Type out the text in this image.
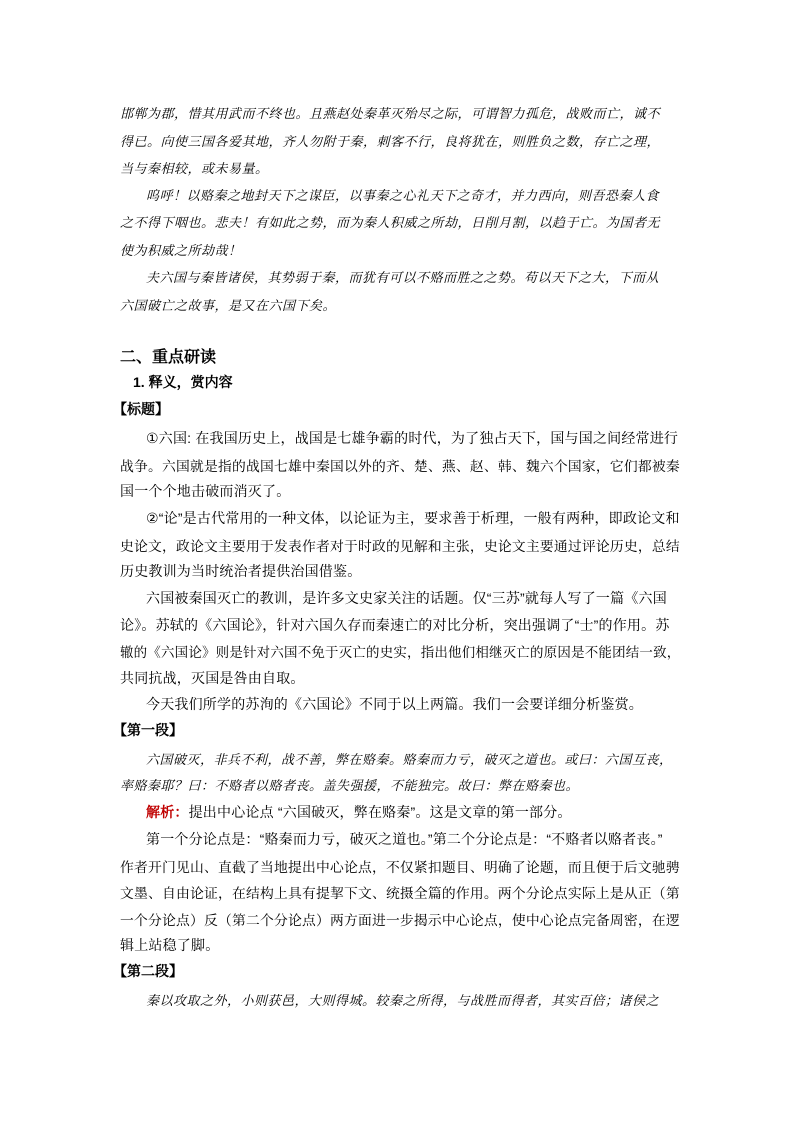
邯郸为郡，惜其用武而不终也。且燕赵处秦革灭殆尽之际，可谓智力孤危，战败而亡，诚不
得已。向使三国各爱其地，齐人勿附于秦，刺客不行，良将犹在，则胜负之数，存亡之理，
当与秦相较，或未易量。
呜呼！以赂秦之地封天下之谋臣，以事秦之心礼天下之奇才，并力西向，则吾恐秦人食
之不得下咽也。悲夫！有如此之势，而为秦人积威之所劫，日削月割，以趋于亡。为国者无
使为积威之所劫哉！
夫六国与秦皆诸侯，其势弱于秦，而犹有可以不赂而胜之之势。苟以天下之大，下而从
六国破亡之故事，是又在六国下矣。
二、重点研读
1. 释义，赏内容
【标题】
①六国: 在我国历史上，战国是七雄争霸的时代，为了独占天下，国与国之间经常进行
战争。六国就是指的战国七雄中秦国以外的齐、楚、燕、赵、韩、魏六个国家，它们都被秦
国一个个地击破而消灭了。
②“论”是古代常用的一种文体，以论证为主，要求善于析理，一般有两种，即政论文和
史论文，政论文主要用于发表作者对于时政的见解和主张，史论文主要通过评论历史，总结
历史教训为当时统治者提供治国借鉴。
六国被秦国灭亡的教训，是许多文史家关注的话题。仅“三苏”就每人写了一篇《六国
论》。苏轼的《六国论》，针对六国久存而秦速亡的对比分析，突出强调了“士”的作用。苏
辙的《六国论》则是针对六国不免于灭亡的史实，指出他们相继灭亡的原因是不能团结一致，
共同抗战，灭国是咎由自取。
今天我们所学的苏洵的《六国论》不同于以上两篇。我们一会要详细分析鉴赏。
【第一段】
六国破灭，非兵不利，战不善，弊在赂秦。赂秦而力亏，破灭之道也。或曰：六国互丧，
率赂秦耶？曰：不赂者以赂者丧。盖失强援，不能独完。故曰：弊在赂秦也。
解析：提出中心论点 “六国破灭，弊在赂秦”。这是文章的第一部分。
第一个分论点是：“赂秦而力亏，破灭之道也。”第二个分论点是：“不赂者以赂者丧。”
作者开门见山、直截了当地提出中心论点，不仅紧扣题目、明确了论题，而且便于后文驰骋
文墨、自由论证，在结构上具有提挈下文、统摄全篇的作用。两个分论点实际上是从正（第
一个分论点）反（第二个分论点）两方面进一步揭示中心论点，使中心论点完备周密，在逻
辑上站稳了脚。
【第二段】
秦以攻取之外，小则获邑，大则得城。较秦之所得，与战胜而得者，其实百倍；诸侯之
